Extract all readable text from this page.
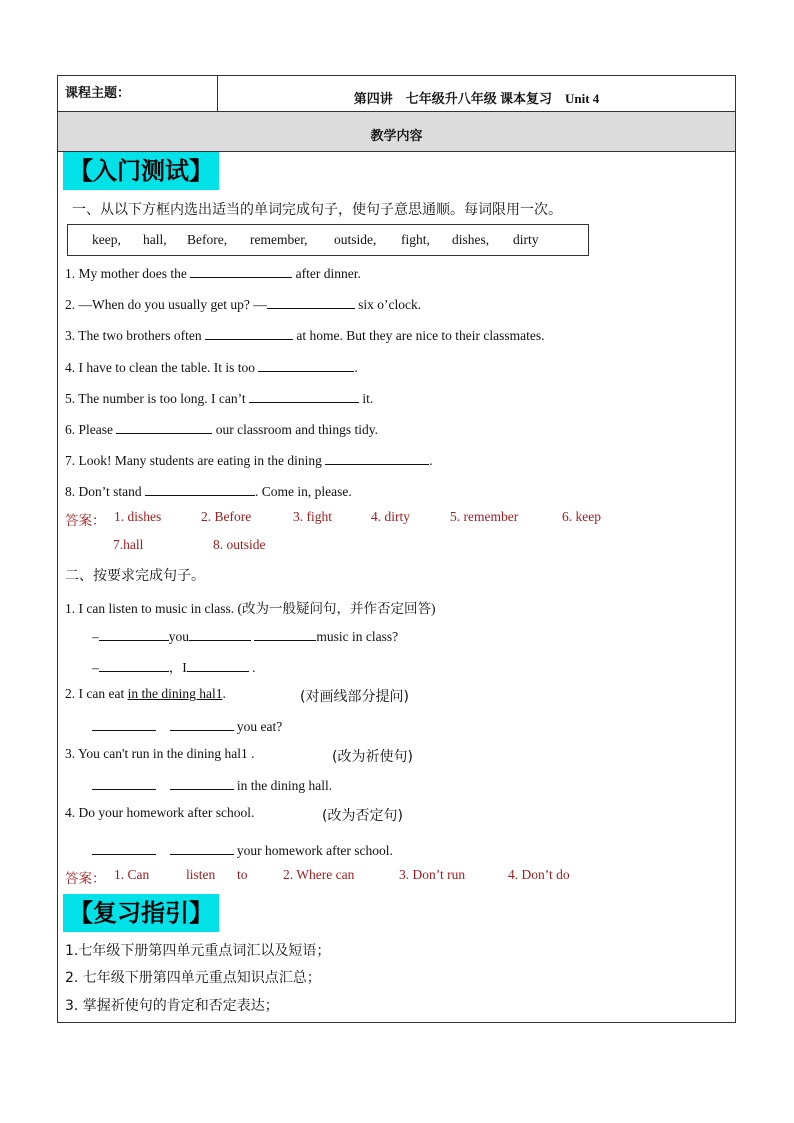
课程主题：	第四讲　七年级升八年级 课本复习　Unit 4
教学内容
【入门测试】
一、从以下方框内选出适当的单词完成句子，使句子意思通顺。每词限用一次。
keep, hall, Before, remember, outside, fight, dishes, dirty
1. My mother does the	after dinner.
2. —When do you usually get up? —	six o’clock.
3. The two brothers often	at home. But they are nice to their classmates.
4. I have to clean the table. It is too	.
5. The number is too long. I can’t	it.
6. Please	our classroom and things tidy.
7. Look! Many students are eating in the dining	.
8. Don’t stand	. Come in, please.
答案： 1. dishes	2. Before	3. fight	4. dirty	5. remember	6. keep
7.hall	8. outside
二、按要求完成句子。
1. I can listen to music in class. (改为一般疑问句，并作否定回答)
–	you	music in class?
–	，I	.
2. I can eat in the dining hal1.	(对画线部分提问)
you eat?
3. You can't run in the dining hal1 .	(改为祈使句)
in the dining hall.
4. Do your homework after school.	(改为否定句)
your homework after school.
答案： 1. Can	listen to	2. Where can	3. Don’t run	4. Don’t do
【复习指引】
1.七年级下册第四单元重点词汇以及短语；
2. 七年级下册第四单元重点知识点汇总；
3. 掌握祈使句的肯定和否定表达；
